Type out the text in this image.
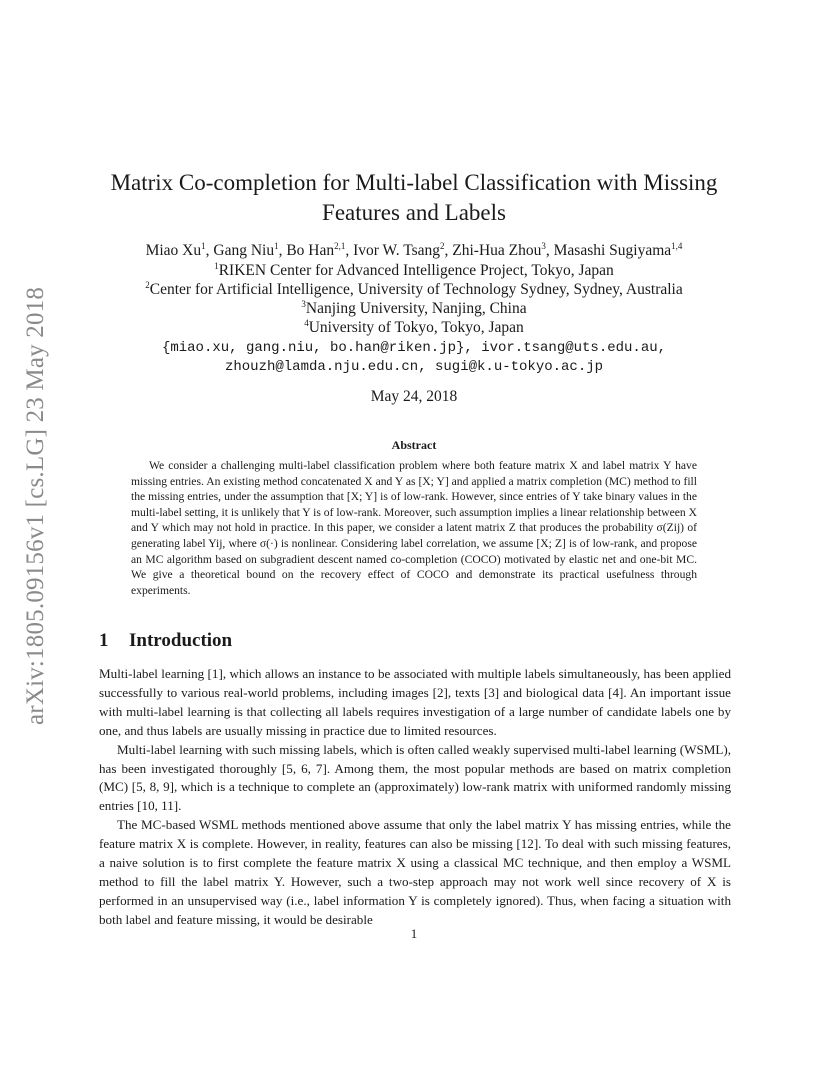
arXiv:1805.09156v1 [cs.LG] 23 May 2018
Matrix Co-completion for Multi-label Classification with Missing
Features and Labels
Miao Xu$^1$, Gang Niu$^1$, Bo Han$^{2,1}$, Ivor W. Tsang$^2$, Zhi-Hua Zhou$^3$, Masashi Sugiyama$^{1,4}$
$^1$RIKEN Center for Advanced Intelligence Project, Tokyo, Japan
$^2$Center for Artificial Intelligence, University of Technology Sydney, Sydney, Australia
$^3$Nanjing University, Nanjing, China
$^4$University of Tokyo, Tokyo, Japan
{miao.xu, gang.niu, bo.han@riken.jp}, ivor.tsang@uts.edu.au,
zhouzh@lamda.nju.edu.cn, sugi@k.u-tokyo.ac.jp
May 24, 2018
Abstract

We consider a challenging multi-label classification problem where both feature matrix X and label matrix Y have missing entries. An existing method concatenated X and Y as [X; Y] and applied a matrix completion (MC) method to fill the missing entries, under the assumption that [X; Y] is of low-rank. However, since entries of Y take binary values in the multi-label setting, it is unlikely that Y is of low-rank. Moreover, such assumption implies a linear relationship between X and Y which may not hold in practice. In this paper, we consider a latent matrix Z that produces the probability σ(Zij) of generating label Yij, where σ(·) is nonlinear. Considering label correlation, we assume [X; Z] is of low-rank, and propose an MC algorithm based on subgradient descent named co-completion (COCO) motivated by elastic net and one-bit MC. We give a theoretical bound on the recovery effect of COCO and demonstrate its practical usefulness through experiments.

1 Introduction

Multi-label learning [1], which allows an instance to be associated with multiple labels simultaneously, has been applied successfully to various real-world problems, including images [2], texts [3] and biological data [4]. An important issue with multi-label learning is that collecting all labels requires investigation of a large number of candidate labels one by one, and thus labels are usually missing in practice due to limited resources.

Multi-label learning with such missing labels, which is often called weakly supervised multi-label learning (WSML), has been investigated thoroughly [5, 6, 7]. Among them, the most popular methods are based on matrix completion (MC) [5, 8, 9], which is a technique to complete an (approximately) low-rank matrix with uniformed randomly missing entries [10, 11].

The MC-based WSML methods mentioned above assume that only the label matrix Y has missing entries, while the feature matrix X is complete. However, in reality, features can also be missing [12]. To deal with such missing features, a naive solution is to first complete the feature matrix X using a classical MC technique, and then employ a WSML method to fill the label matrix Y. However, such a two-step approach may not work well since recovery of X is performed in an unsupervised way (i.e., label information Y is completely ignored). Thus, when facing a situation with both label and feature missing, it would be desirable

1
